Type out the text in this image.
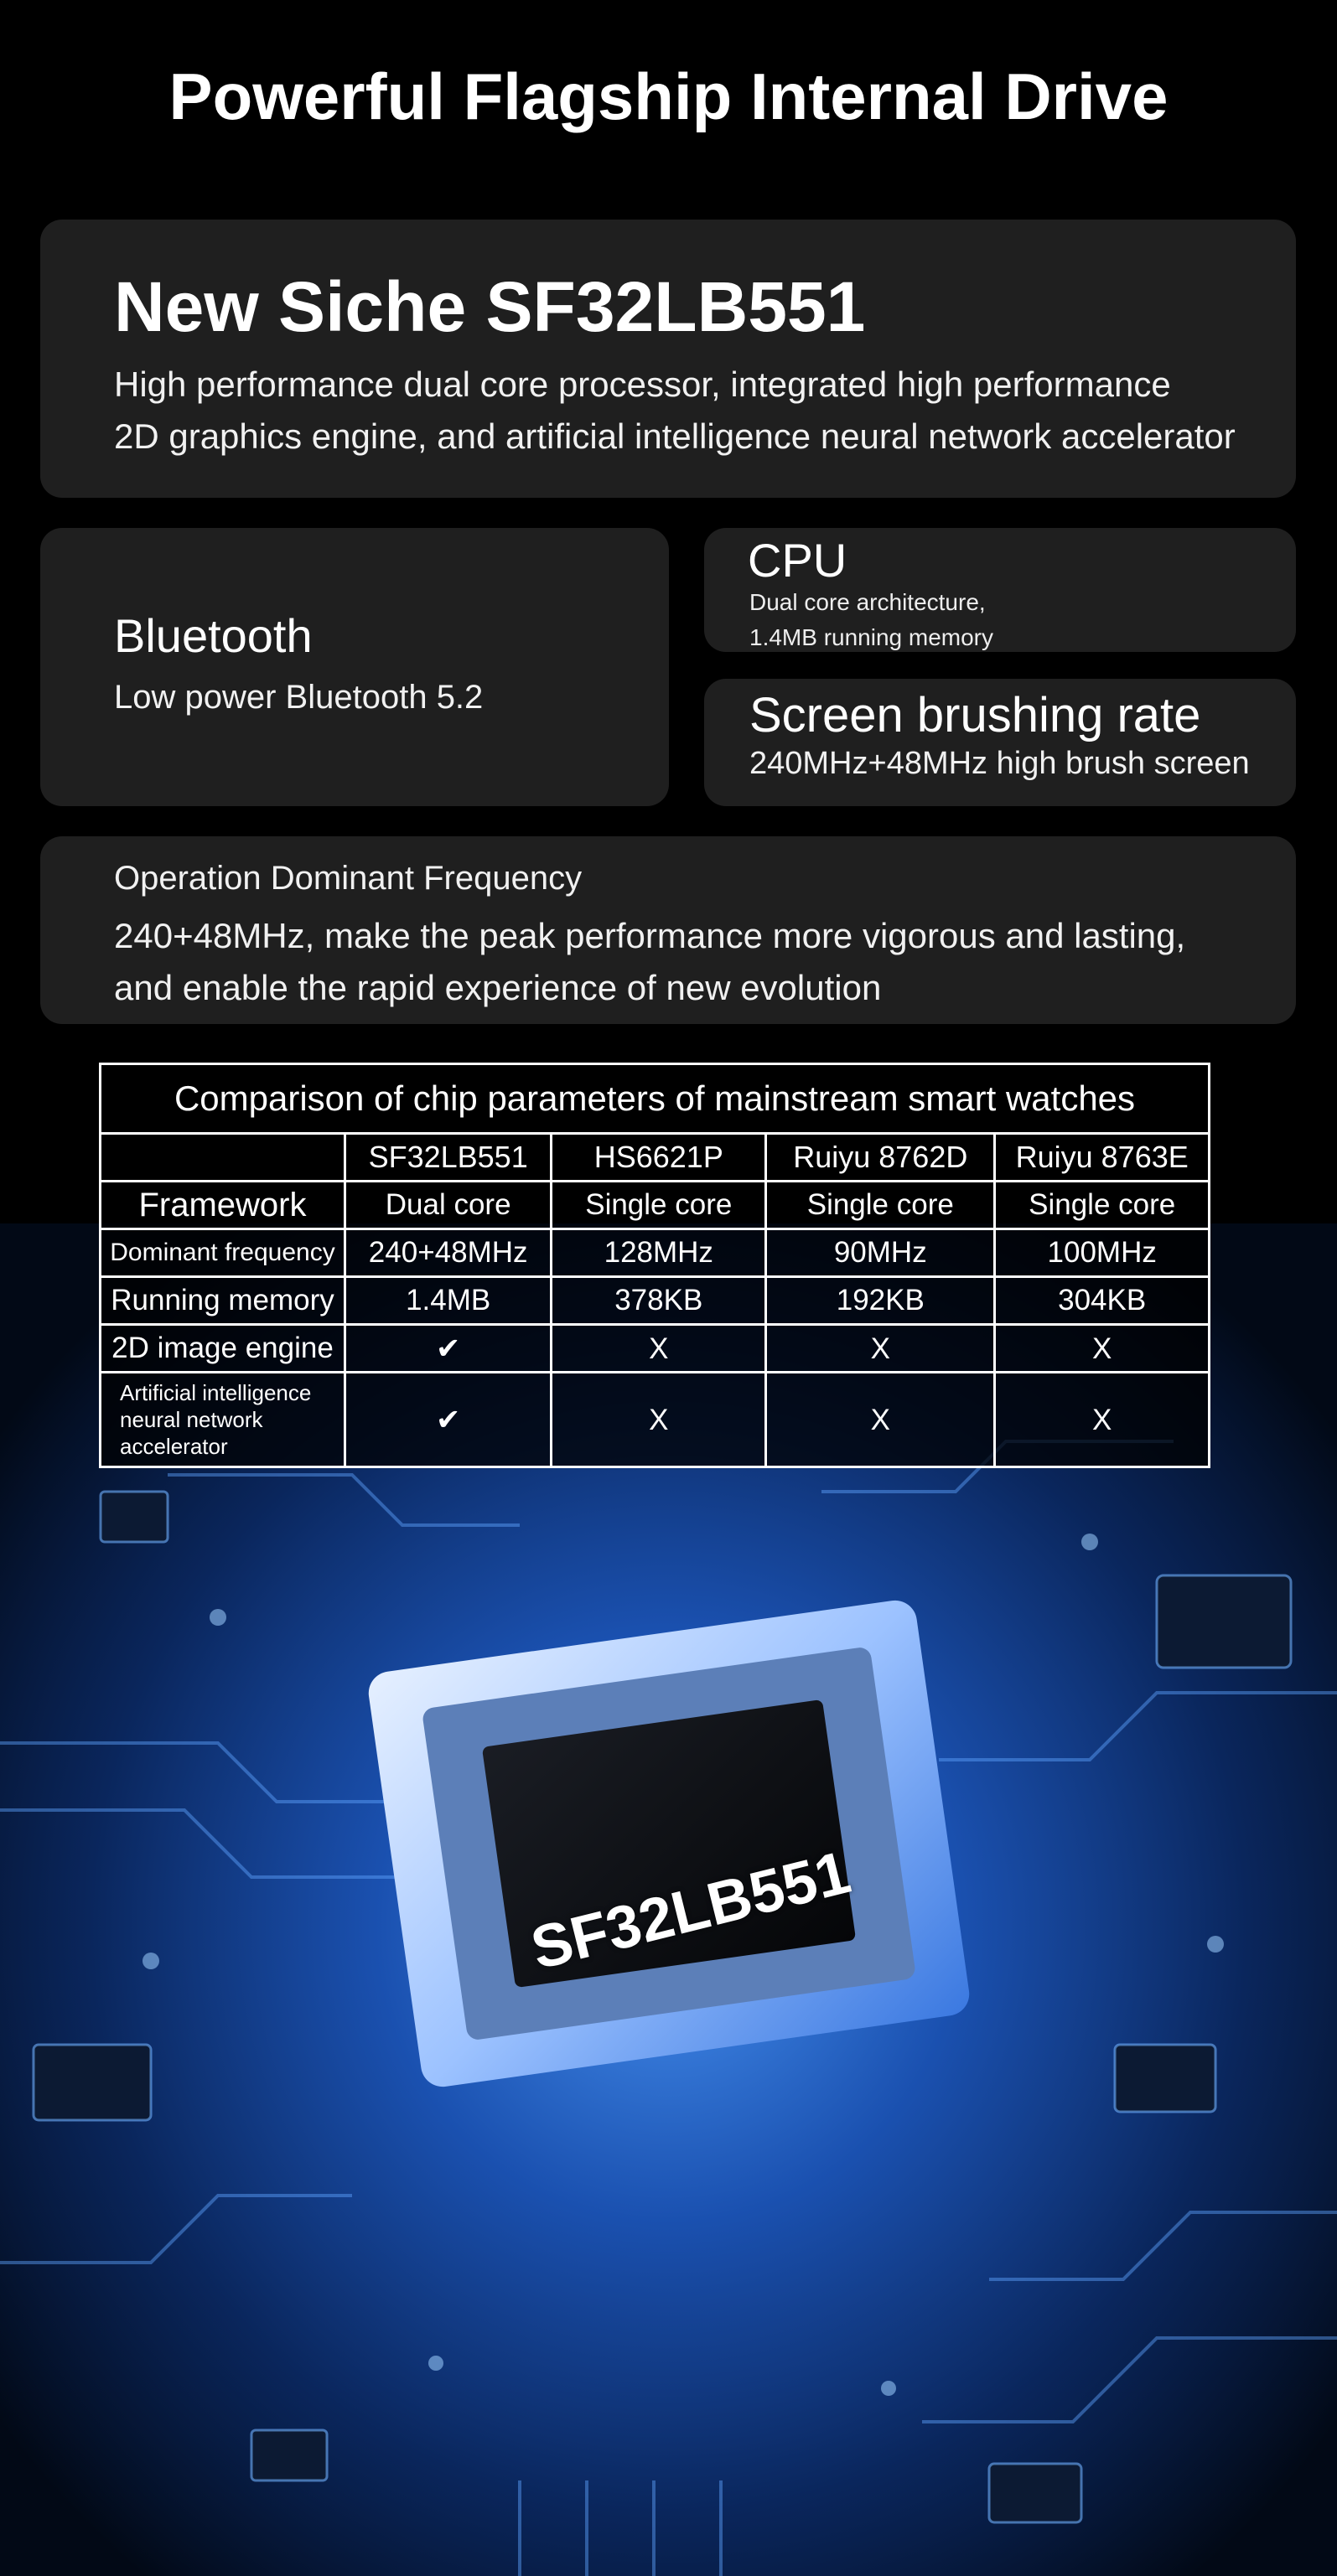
Powerful Flagship Internal Drive
New Siche SF32LB551
High performance dual core processor, integrated high performance
2D graphics engine, and artificial intelligence neural network accelerator
Bluetooth
Low power Bluetooth 5.2
CPU
Dual core architecture,
1.4MB running memory
Screen brushing rate
240MHz+48MHz high brush screen
Operation Dominant Frequency
240+48MHz, make the peak performance more vigorous and lasting,
and enable the rapid experience of new evolution
Comparison of chip parameters of mainstream smart watches				
	SF32LB551	HS6621P	Ruiyu 8762D	Ruiyu 8763E
Framework	Dual core	Single core	Single core	Single core
Dominant frequency	240+48MHz	128MHz	90MHz	100MHz
Running memory	1.4MB	378KB	192KB	304KB
2D image engine	✔	X	X	X

Artificial intelligence
neural network
accelerator	✔	X	X	X
SF32LB551
